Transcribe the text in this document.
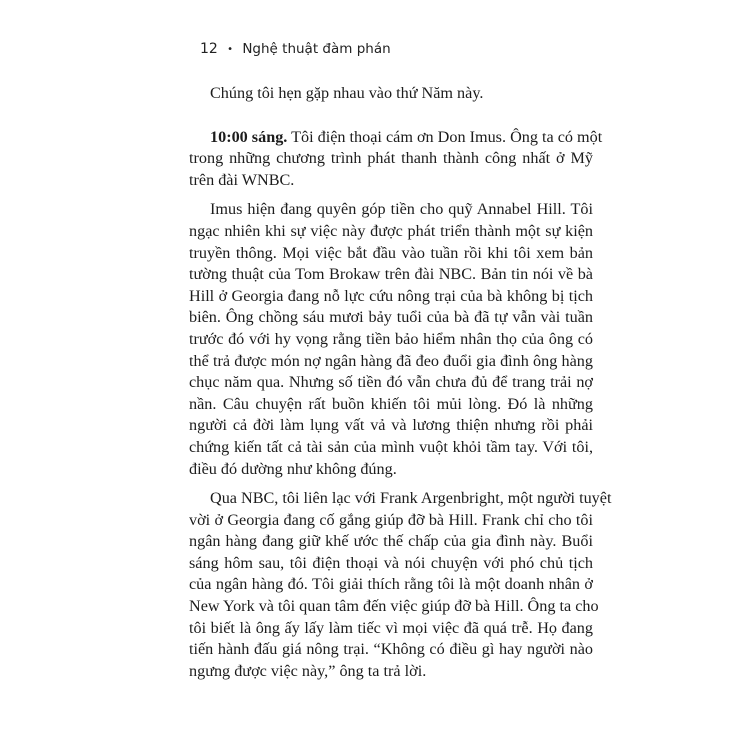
12 • Nghệ thuật đàm phán
Chúng tôi hẹn gặp nhau vào thứ Năm này.
10:00 sáng. Tôi điện thoại cám ơn Don Imus. Ông ta có một
trong những chương trình phát thanh thành công nhất ở Mỹ
trên đài WNBC.
Imus hiện đang quyên góp tiền cho quỹ Annabel Hill. Tôi
ngạc nhiên khi sự việc này được phát triển thành một sự kiện
truyền thông. Mọi việc bắt đầu vào tuần rồi khi tôi xem bản
tường thuật của Tom Brokaw trên đài NBC. Bản tin nói về bà
Hill ở Georgia đang nỗ lực cứu nông trại của bà không bị tịch
biên. Ông chồng sáu mươi bảy tuổi của bà đã tự vẫn vài tuần
trước đó với hy vọng rằng tiền bảo hiểm nhân thọ của ông có
thể trả được món nợ ngân hàng đã đeo đuổi gia đình ông hàng
chục năm qua. Nhưng số tiền đó vẫn chưa đủ để trang trải nợ
nần. Câu chuyện rất buồn khiến tôi mủi lòng. Đó là những
người cả đời làm lụng vất vả và lương thiện nhưng rồi phải
chứng kiến tất cả tài sản của mình vuột khỏi tầm tay. Với tôi,
điều đó dường như không đúng.
Qua NBC, tôi liên lạc với Frank Argenbright, một người tuyệt
vời ở Georgia đang cố gắng giúp đỡ bà Hill. Frank chỉ cho tôi
ngân hàng đang giữ khế ước thế chấp của gia đình này. Buổi
sáng hôm sau, tôi điện thoại và nói chuyện với phó chủ tịch
của ngân hàng đó. Tôi giải thích rằng tôi là một doanh nhân ở
New York và tôi quan tâm đến việc giúp đỡ bà Hill. Ông ta cho
tôi biết là ông ấy lấy làm tiếc vì mọi việc đã quá trễ. Họ đang
tiến hành đấu giá nông trại. “Không có điều gì hay người nào
ngưng được việc này,” ông ta trả lời.
